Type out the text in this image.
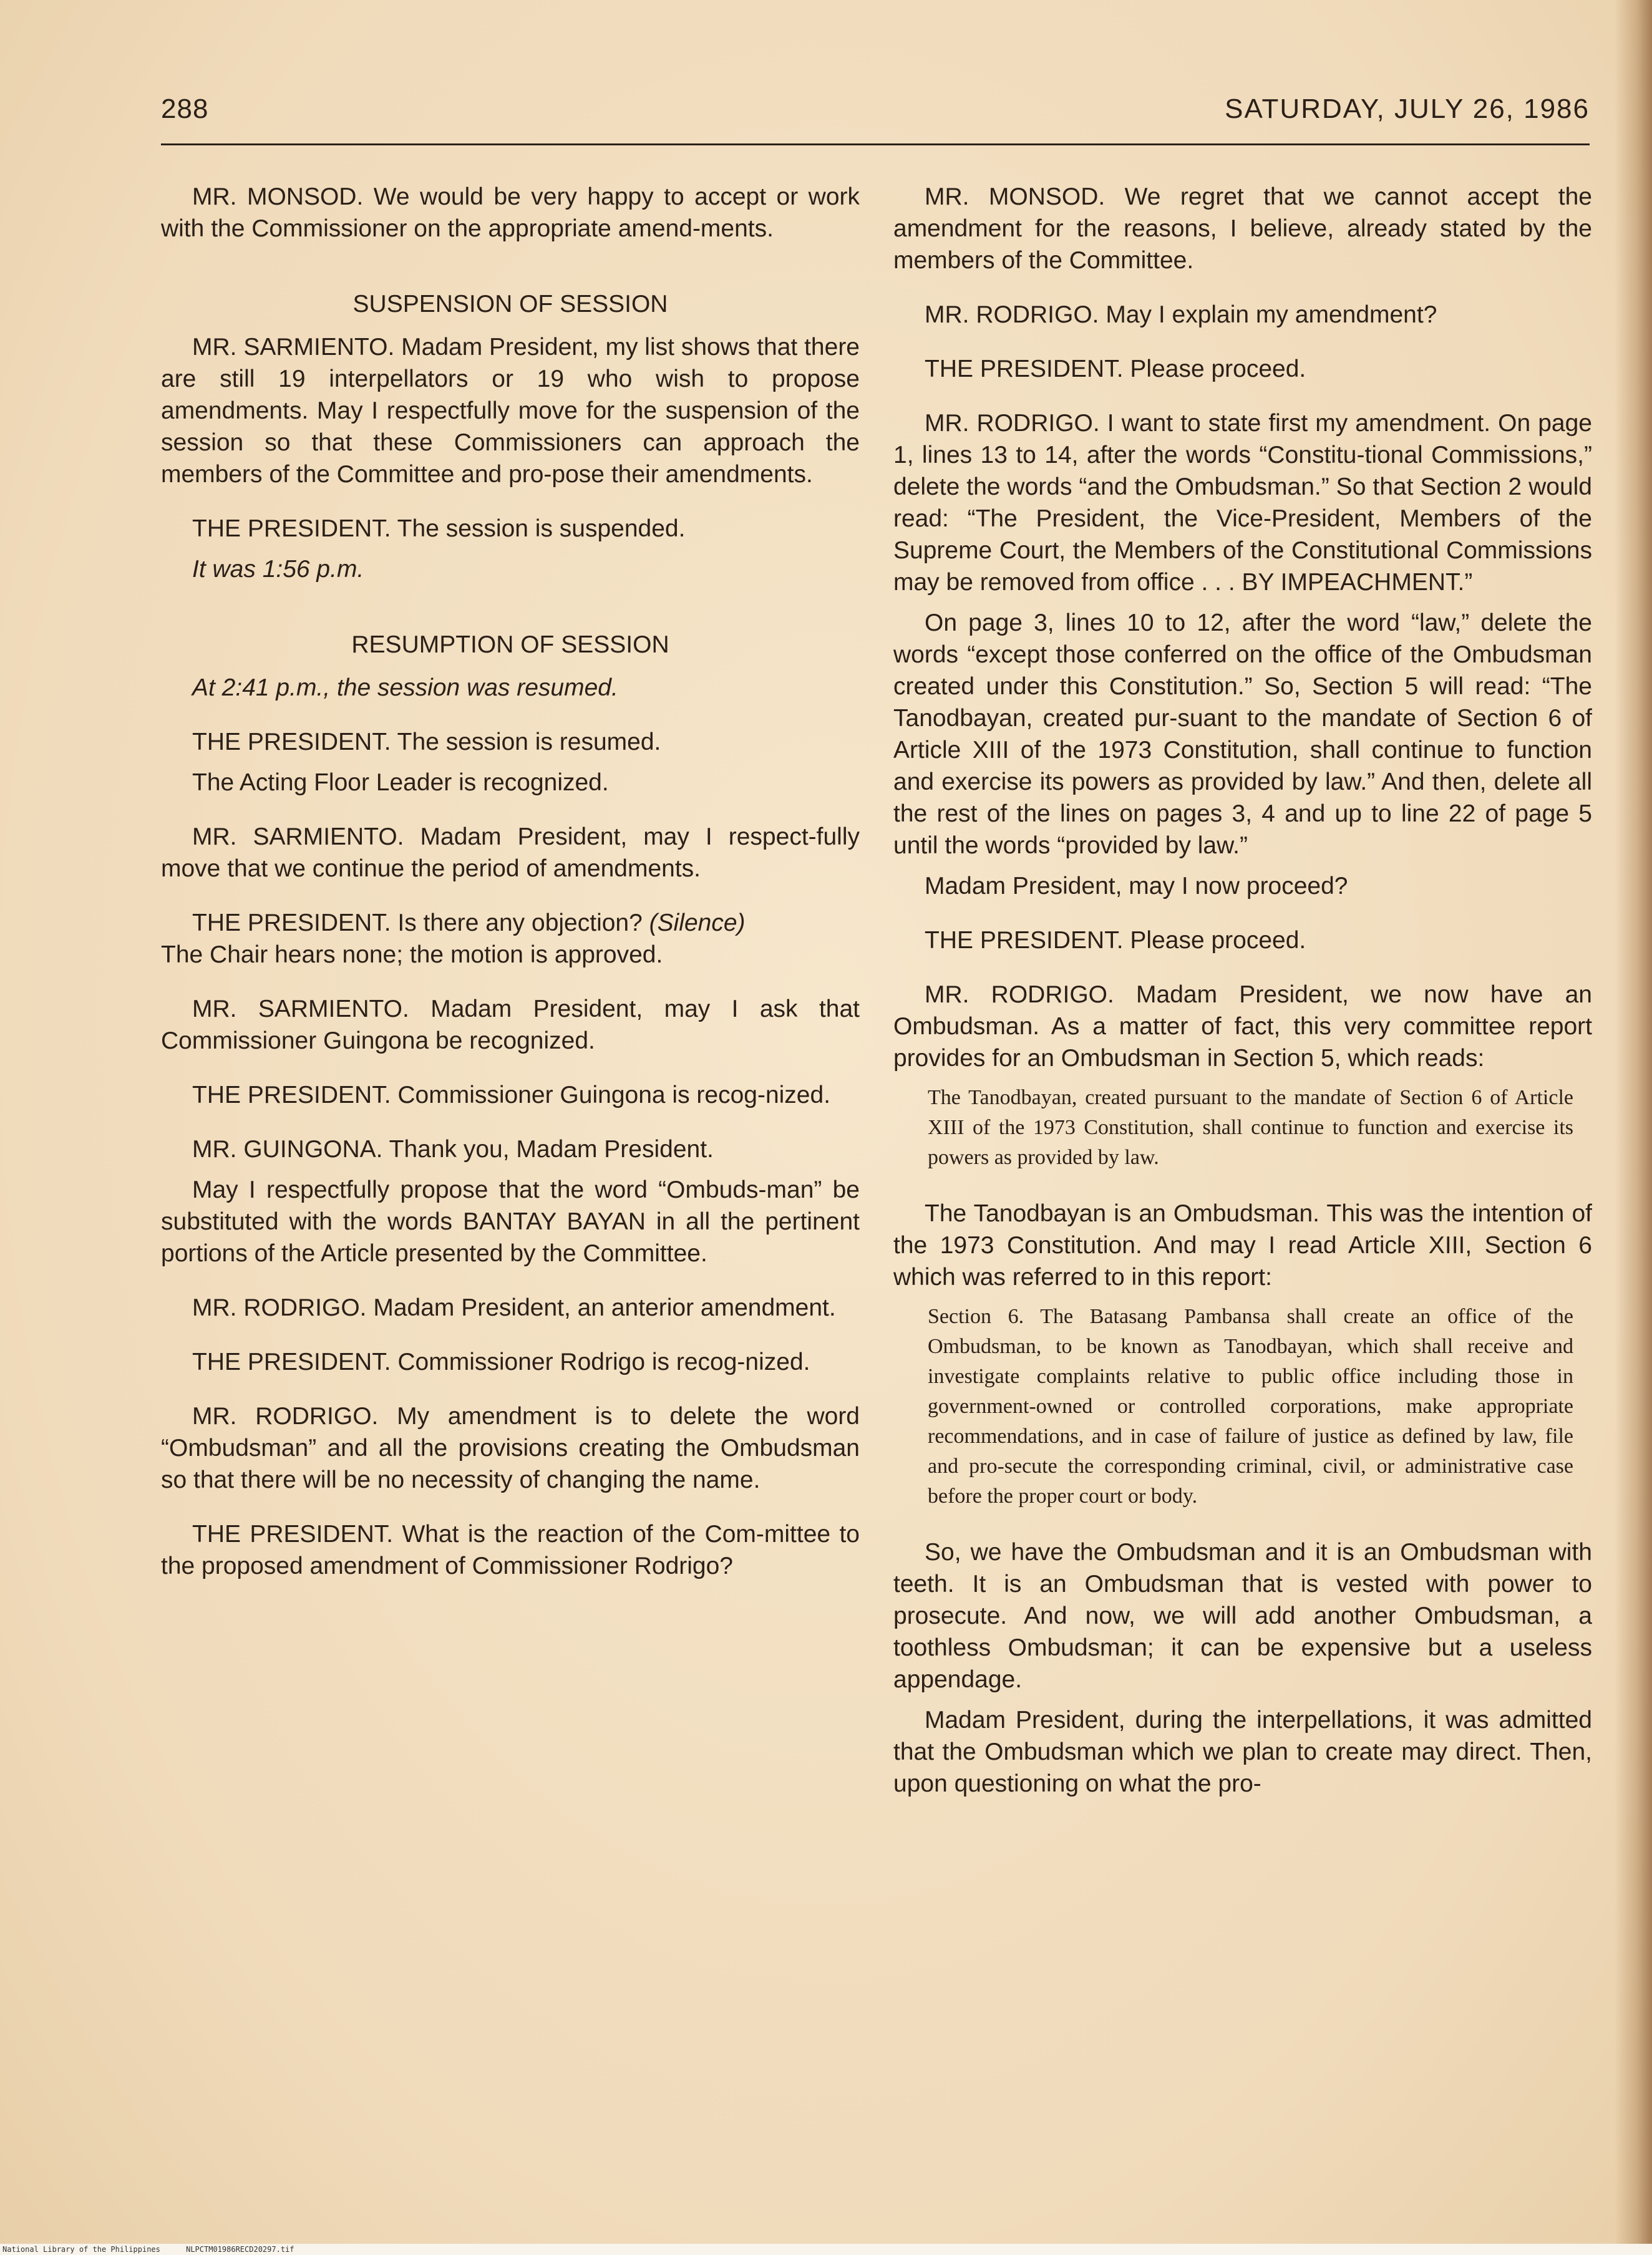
288	SATURDAY, JULY 26, 1986

MR. MONSOD. We would be very happy to accept or work with the Commissioner on the appropriate amend-ments.

SUSPENSION OF SESSION

MR. SARMIENTO. Madam President, my list shows that there are still 19 interpellators or 19 who wish to propose amendments. May I respectfully move for the suspension of the session so that these Commissioners can approach the members of the Committee and pro-pose their amendments.

THE PRESIDENT. The session is suspended.

It was 1:56 p.m.

RESUMPTION OF SESSION

At 2:41 p.m., the session was resumed.

THE PRESIDENT. The session is resumed.

The Acting Floor Leader is recognized.

MR. SARMIENTO. Madam President, may I respect-fully move that we continue the period of amendments.

THE PRESIDENT. Is there any objection? (Silence)
The Chair hears none; the motion is approved.

MR. SARMIENTO. Madam President, may I ask that Commissioner Guingona be recognized.

THE PRESIDENT. Commissioner Guingona is recog-nized.

MR. GUINGONA. Thank you, Madam President.

May I respectfully propose that the word “Ombuds-man” be substituted with the words BANTAY BAYAN in all the pertinent portions of the Article presented by the Committee.

MR. RODRIGO. Madam President, an anterior amendment.

THE PRESIDENT. Commissioner Rodrigo is recog-nized.

MR. RODRIGO. My amendment is to delete the word “Ombudsman” and all the provisions creating the Ombudsman so that there will be no necessity of changing the name.

THE PRESIDENT. What is the reaction of the Com-mittee to the proposed amendment of Commissioner Rodrigo?

MR. MONSOD. We regret that we cannot accept the amendment for the reasons, I believe, already stated by the members of the Committee.

MR. RODRIGO. May I explain my amendment?

THE PRESIDENT. Please proceed.

MR. RODRIGO. I want to state first my amendment. On page 1, lines 13 to 14, after the words “Constitu-tional Commissions,” delete the words “and the Ombudsman.” So that Section 2 would read: “The President, the Vice-President, Members of the Supreme Court, the Members of the Constitutional Commissions may be removed from office . . . BY IMPEACHMENT.”

On page 3, lines 10 to 12, after the word “law,” delete the words “except those conferred on the office of the Ombudsman created under this Constitution.” So, Section 5 will read: “The Tanodbayan, created pur-suant to the mandate of Section 6 of Article XIII of the 1973 Constitution, shall continue to function and exercise its powers as provided by law.” And then, delete all the rest of the lines on pages 3, 4 and up to line 22 of page 5 until the words “provided by law.”

Madam President, may I now proceed?

THE PRESIDENT. Please proceed.

MR. RODRIGO. Madam President, we now have an Ombudsman. As a matter of fact, this very committee report provides for an Ombudsman in Section 5, which reads:

The Tanodbayan, created pursuant to the mandate of Section 6 of Article XIII of the 1973 Constitution, shall continue to function and exercise its powers as provided by law.

The Tanodbayan is an Ombudsman. This was the intention of the 1973 Constitution. And may I read Article XIII, Section 6 which was referred to in this report:

Section 6. The Batasang Pambansa shall create an office of the Ombudsman, to be known as Tanodbayan, which shall receive and investigate complaints relative to public office including those in government-owned or controlled corporations, make appropriate recommendations, and in case of failure of justice as defined by law, file and pro-secute the corresponding criminal, civil, or administrative case before the proper court or body.

So, we have the Ombudsman and it is an Ombudsman with teeth. It is an Ombudsman that is vested with power to prosecute. And now, we will add another Ombudsman, a toothless Ombudsman; it can be expensive but a useless appendage.

Madam President, during the interpellations, it was admitted that the Ombudsman which we plan to create may direct. Then, upon questioning on what the pro-

National Library of the Philippines	NLPCTM01986RECD20297.tif
